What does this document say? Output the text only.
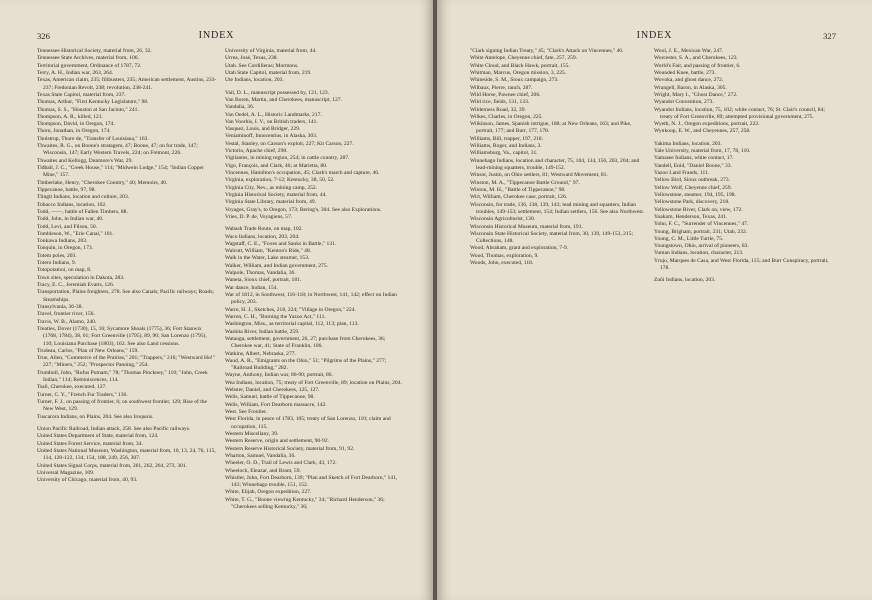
326	INDEX
Tennessee Historical Society, material from, 26, 32.
Tennessee State Archives, material from, 106.
Territorial government, Ordinance of 1787, 72.
Terry, A. H., Indian war, 263, 264.
Texas, American claim, 235; filibusters, 235; American settlement, Austins, 233-237; Fredonian Revolt, 238; revolution, 238-241.
Texas State Capitol, material from, 237.
Thomas, Arthur, "First Kentucky Legislature," 98.
Thomas, S. S., "Houston at San Jacinto," 241.
Thompson, A. R., killed, 121.
Thompson, David, in Oregon, 174.
Thorn, Jonathan, in Oregon, 174.
Thulstrup, Thure de, "Transfer of Louisiana," 163.
Thwaites, R. G., on Boone's stratagem, 47; Boone, 47; on fur trade, 147; Wisconsin, 147; Early Western Travels, 224; on Frémont, 226.
Thwaites and Kellogg, Dunmore's War, 29.
Tidball, J. C., "Creek House," 114; "Midwein Lodge," 154; "Indian Copper Mine," 157.
Timberlake, Henry, "Cherokee Country," 40; Memoirs, 40.
Tippecanoe, battle, 97, 98.
Tlingit Indians, location and culture, 203.
Tobacco Indians, location, 102.
Todd, ——, battle of Fallen Timbers, 88.
Todd, John, in Indian war, 40.
Todd, Levi, and Filson, 50.
Tombleson, W., "Erie Canal," 101.
Tonkawa Indians, 203.
Tonquin, in Oregon, 173.
Totem poles, 203.
Totero Indians, 9.
Totopotamoi, on map, 8.
Town sites, speculation in Dakota, 283.
Tracy, E. C., Jeremiah Evarts, 126.
Transportation, Plains freighters, 278. See also Canals; Pacific railways; Roads; Steamships.
Transylvania, 36-38.
Travel, frontier river, 156.
Travis, W. B., Alamo, 240.
Treaties, Dover (1730), 15, 16; Sycamore Shoals (1775), 36; Fort Stanwix (1768, 1784), 38, 61; Fort Greenville (1795), 89, 90; San Lorenzo (1795), 110; Louisiana Purchase (1803), 162. See also Land cessions.
Trudeau, Carlos, "Plan of New Orleans," 159.
True, Allen, "Commerce of the Prairies," 201; "Trappers," 216; "Westward Ho!" 227; "Miners," 252; "Prospector Panning," 254.
Trumbull, John, "Rufus Putnam," 78; "Thomas Pinckney," 110; "John, Creek Indian," 114; Reminiscences, 114.
Tsali, Cherokee, executed, 127.
Turner, C. Y., "French Fur Traders," 136.
Turner, F. J., on passing of frontier, 6; on southwest frontier, 129; Rise of the New West, 129.
Tuscarora Indians, on Plains, 204. See also Iroquois.
Union Pacific Railroad, Indian attack, 258. See also Pacific railways.
United States Department of State, material from, 124.
United States Forest Service, material from, 34.
United States National Museum, Washington, material from, 10, 13, 24, 76, 115, 114, 120-122, 134, 154, 188, 249, 256, 307.
United States Signal Corps, material from, 261, 262, 264, 273, 301.
Universal Magazine, 109.
University of Chicago, material from, 40, 93.
University of Virginia, material from, 44.
Urrea, José, Texas, 238.
Utah. See Cordilleras; Mormons.
Utah State Capitol, material from, 219.
Ute Indians, location, 203.
Vail, D. L., manuscript possessed by, 121, 123.
Van Buren, Martin, and Cherokees, manuscript, 127.
Vandalia, 36.
Van Oedel, A. L., Historic Landmarks, 217.
Van Voorhis, I. V., on British traders, 141.
Vasquez, Louis, and Bridger, 229.
Veniaminoff, Innocentius, in Alaska, 303.
Vestal, Stanley, on Carson's exploit, 227; Kit Carson, 227.
Victorio, Apache chief, 298.
Vigilantes, in mining region, 254; in cattle country, 287.
Vigo, François, and Clark, 46; at Marietta, 80.
Vincennes, Hamilton's occupation, 45; Clark's march and capture, 46.
Virginia, exploration, 7-12; Kentucky, 38, 50, 52.
Virginia City, Nev., as mining camp, 252.
Virginia Historical Society, material from, 44.
Virginia State Library, material from, 49.
Voyages, Gray's, to Oregon, 173; Bering's, 304. See also Explorations.
Vries, D. P. de, Voyagiens, 57.
Wabash Trade Route, on map, 102.
Waco Indians, location, 203, 204.
Wagstaff, C. E., "Foxes and Sauks in Battle," 131.
Walcutt, William, "Kenton's Ride," 48.
Walk in the Water, Lake steamer, 153.
Walker, William, and Indian government, 275.
Walpole, Thomas, Vandalia, 36.
Waneta, Sioux chief, portrait, 181.
War dance, Indian, 154.
War of 1812, in Southwest, 116-118; in Northwest, 141, 142; effect on Indian policy, 203.
Warre, H. J., Sketches, 218, 224; "Village in Oregon," 224.
Warren, C. H., "Burning the Yazoo Act," 111.
Washington, Miss., as territorial capital, 112, 113; plan, 113.
Washita River, Indian battle, 259.
Watauga, settlement, government, 26, 27; purchase from Cherokees, 36; Cherokee war, 41; State of Franklin, 106.
Watkins, Albert, Nebraska, 277.
Waud, A. R., "Emigrants on the Ohio," 51; "Pilgrims of the Plains," 277; "Railroad Building," 282.
Wayne, Anthony, Indian war, 86-90; portrait, 86.
Wea Indians, location, 75; treaty of Fort Greenville, 89; location on Plains, 204.
Webster, Daniel, and Cherokees, 125, 127.
Wells, Samuel, battle of Tippecanoe, 98.
Wells, William, Fort Dearborn massacre, 142.
West. See Frontier.
West Florida, in peace of 1783, 105; treaty of San Lorenzo, 110; claim and occupation, 115.
Western Miscellany, 39.
Western Reserve, origin and settlement, 90-92.
Western Reserve Historical Society, material from, 91, 92.
Wharton, Samuel, Vandalia, 36.
Wheeler, O. D., Trail of Lewis and Clark, 43, 172.
Wheelock, Eleazar, and Brant, 59.
Whistler, John, Fort Dearborn, 139; "Plan and Sketch of Fort Dearborn," 141, 143; Winnebago trouble, 151, 152.
White, Elijah, Oregon expedition, 227.
White, T. G., "Boone viewing Kentucky," 34; "Richard Henderson," 36; "Cherokees selling Kentucky," 36;
INDEX	327
"Clark signing Indian Treaty," 45; "Clark's Attack on Vincennes," 46.
White Antelope, Cheyenne chief, fate, 257, 259.
White Cloud, and Black Hawk, portrait, 155.
Whitman, Marcus, Oregon mission, 3, 225.
Whiteside, S. M., Sioux campaign, 273.
Wilbaux, Pierre, ranch, 287.
Wild Horse, Pawnee chief, 206.
Wild rice, fields, 131, 133.
Wilderness Road, 32, 39.
Wilkes, Charles, in Oregon, 225.
Wilkinson, James, Spanish intrigue, 108; at New Orleans, 163; and Pike, portrait, 177; and Burr, 177, 178.
Williams, Bill, trapper, 197, 218.
Williams, Roger, and Indians, 3.
Williamsburg, Va., capitol, 31.
Winnebago Indians, location and character, 75, 104, 134, 156, 203, 204; and lead-mining squatters, trouble, 149-152.
Winsor, Justin, on Ohio settlers, 81; Westward Movement, 81.
Winston, M. A., "Tippecanoe Battle Ground," 97.
Winton, M. H., "Battle of Tippecanoe," 98.
Wirt, William, Cherokee case, portrait, 126.
Wisconsin, fur trade, 136, 138, 139, 143; lead mining and squatters, Indian troubles, 149-153; settlement, 154; Indian settlers, 156. See also Northwest.
Wisconsin Agriculturist, 130.
Wisconsin Historical Museum, material from, 191.
Wisconsin State Historical Society, material from, 30, 139, 149-153, 215; Collections, 148.
Wood, Abraham, grant and exploration, 7-9.
Wood, Thomas, exploration, 9.
Woods, John, executed, 118.
Wool, J. E., Mexican War, 247.
Worcester, S. A., and Cherokees, 123.
World's Fair, and passing of frontier, 6.
Wounded Knee, battle, 273.
Wovoka, and ghost dance, 272.
Wrangell, Baron, in Alaska, 305.
Wright, Mary I., "Ghost Dance," 272.
Wyandot Convention, 273.
Wyandot Indians, location, 75, 102; white contact, 76; St. Clair's council, 84; treaty of Fort Greenville, 89; attempted provisional government, 275.
Wyeth, N. J., Oregon expeditions, portrait, 222.
Wynkoop, E. W., and Cheyennes, 257, 258.
Yakima Indians, location, 203.
Yale University, material from, 17, 78, 110.
Yamasee Indians, white contact, 17.
Yandell, Enid, "Daniel Boone," 33.
Yazoo Land Frauds, 111.
Yellow Bird, Sioux outbreak, 273.
Yellow Wolf, Cheyenne chief, 259.
Yellowstone, steamer, 194, 195, 198.
Yellowstone Park, discovery, 218.
Yellowstone River, Clark on, view, 172.
Yoakum, Henderson, Texas, 241.
Yohn, F. C., "Surrender of Vincennes," 47.
Young, Brigham, portrait, 231; Utah, 232.
Young, C. M., Little Turtle, 75.
Youngstown, Ohio, arrival of pioneers, 83.
Yuman Indians, location, character, 213.
Yrujo, Marques de Casa, and West Florida, 115; and Burr Conspiracy, portrait, 178.
Zuñi Indians, location, 203.
